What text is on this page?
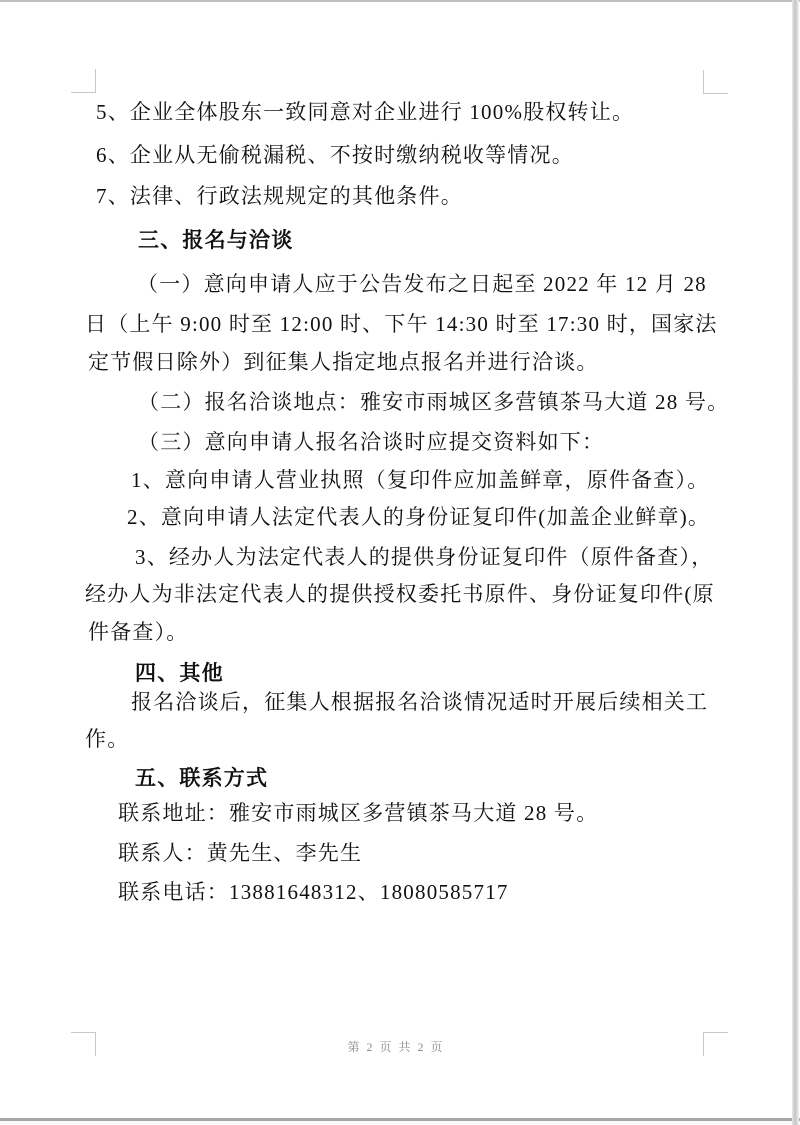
5、企业全体股东一致同意对企业进行 100%股权转让。
6、企业从无偷税漏税、不按时缴纳税收等情况。
7、法律、行政法规规定的其他条件。
三、报名与洽谈
（一）意向申请人应于公告发布之日起至 2022 年 12 月 28
日（上午 9:00 时至 12:00 时、下午 14:30 时至 17:30 时，国家法
定节假日除外）到征集人指定地点报名并进行洽谈。
（二）报名洽谈地点：雅安市雨城区多营镇茶马大道 28 号。
（三）意向申请人报名洽谈时应提交资料如下：
1、意向申请人营业执照（复印件应加盖鲜章，原件备查）。
2、意向申请人法定代表人的身份证复印件(加盖企业鲜章)。
3、经办人为法定代表人的提供身份证复印件（原件备查），
经办人为非法定代表人的提供授权委托书原件、身份证复印件(原
件备查）。
四、其他
报名洽谈后，征集人根据报名洽谈情况适时开展后续相关工
作。
五、联系方式
联系地址：雅安市雨城区多营镇茶马大道 28 号。
联系人：黄先生、李先生
联系电话：13881648312、18080585717
第 2 页 共 2 页
